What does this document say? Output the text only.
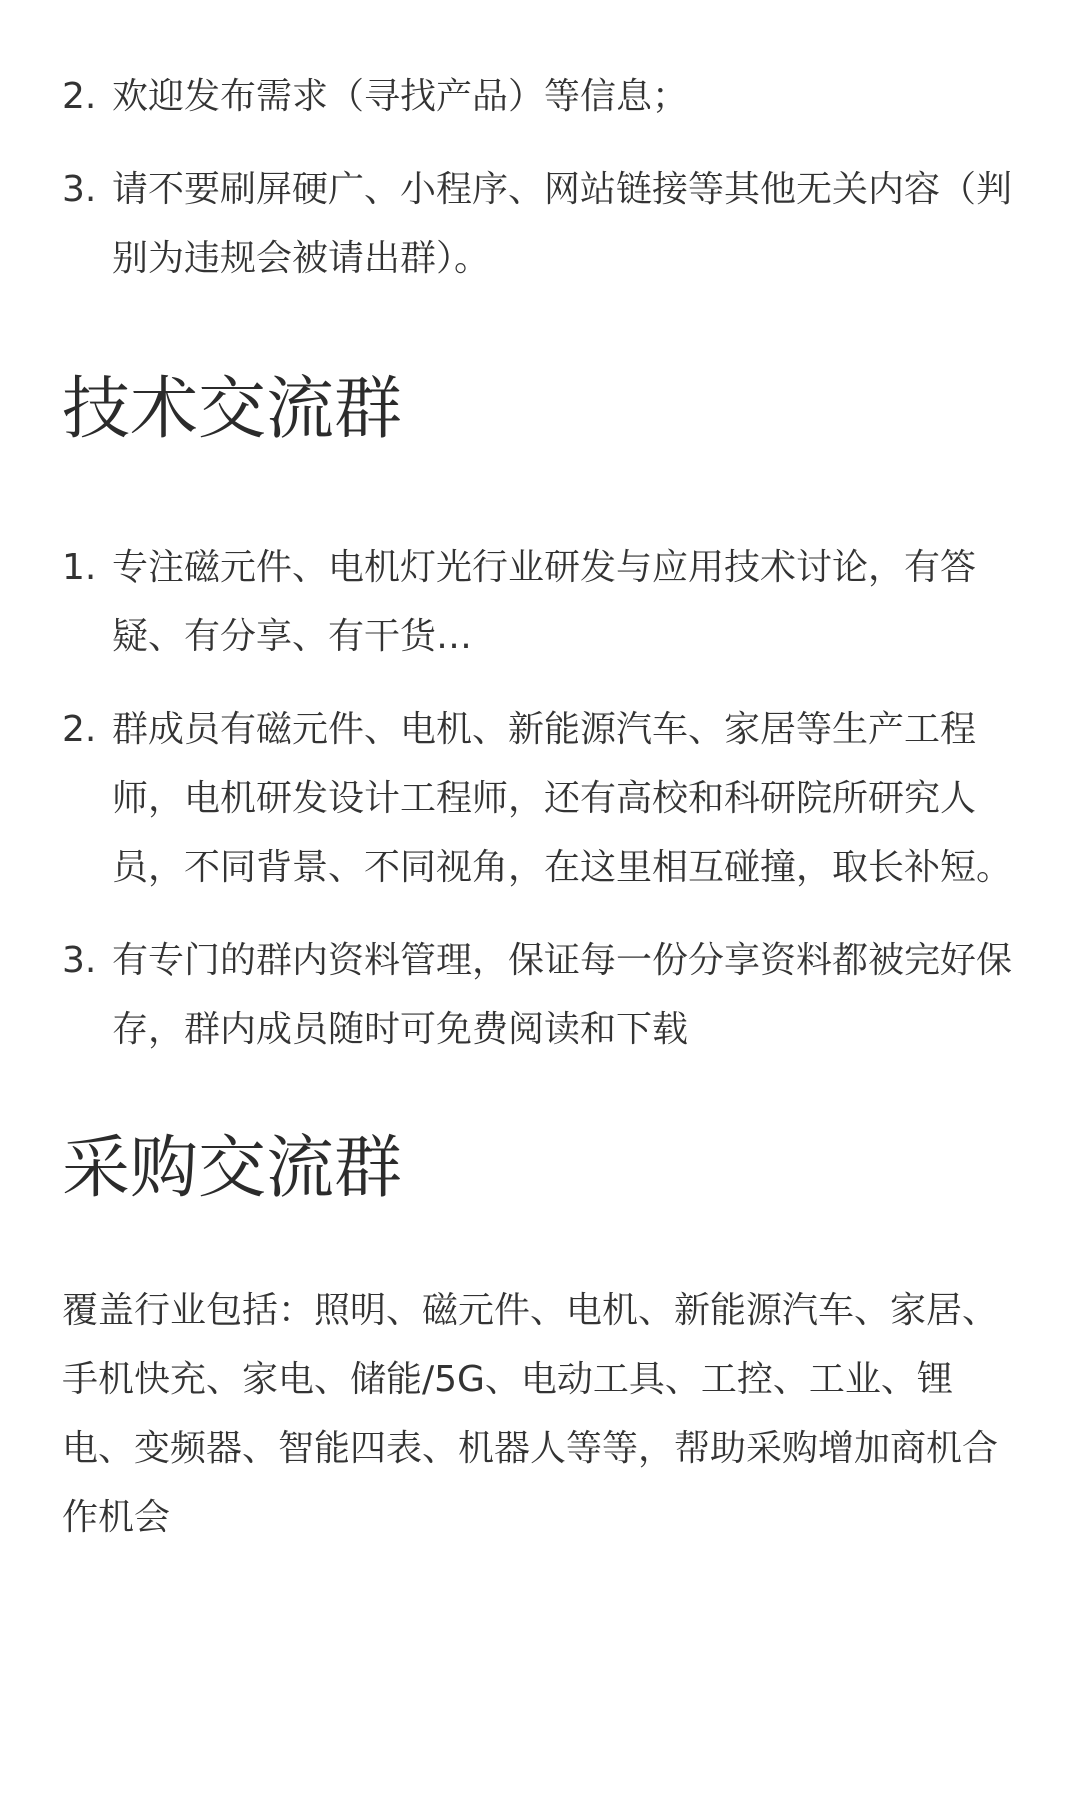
2. 欢迎发布需求（寻找产品）等信息；
3. 请不要刷屏硬广、小程序、网站链接等其他无关内容（判别为违规会被请出群）。
技术交流群
1. 专注磁元件、电机灯光行业研发与应用技术讨论，有答疑、有分享、有干货…
2. 群成员有磁元件、电机、新能源汽车、家居等生产工程师，电机研发设计工程师，还有高校和科研院所研究人员，不同背景、不同视角，在这里相互碰撞，取长补短。
3. 有专门的群内资料管理，保证每一份分享资料都被完好保存，群内成员随时可免费阅读和下载
采购交流群

覆盖行业包括：照明、磁元件、电机、新能源汽车、家居、手机快充、家电、储能/5G、电动工具、工控、工业、锂电、变频器、智能四表、机器人等等，帮助采购增加商机合作机会
